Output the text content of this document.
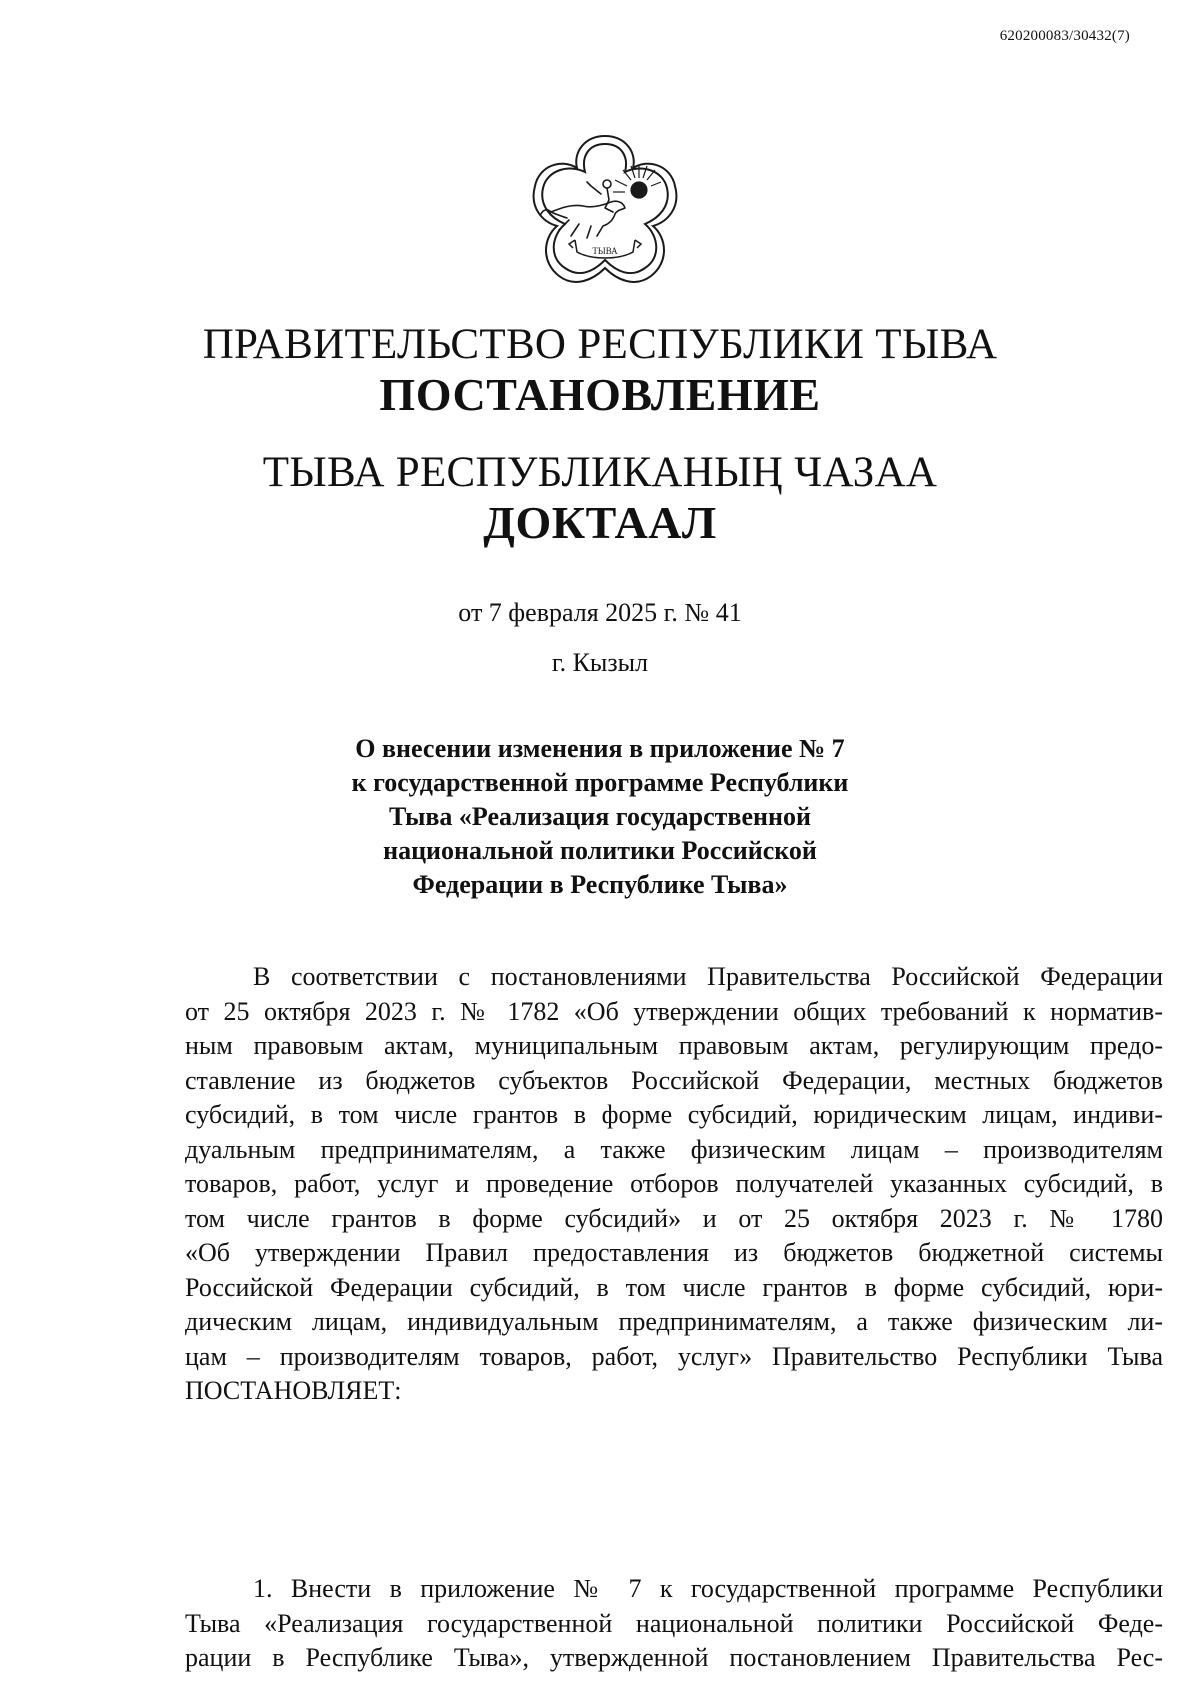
620200083/30432(7)
ТЫВА
ПРАВИТЕЛЬСТВО РЕСПУБЛИКИ ТЫВА
ПОСТАНОВЛЕНИЕ
ТЫВА РЕСПУБЛИКАНЫҢ ЧАЗАА
ДОКТААЛ
от 7 февраля 2025 г. № 41
г. Кызыл
О внесении изменения в приложение № 7
к государственной программе Республики
Тыва «Реализация государственной
национальной политики Российской
Федерации в Республике Тыва»
В соответствии с постановлениями Правительства Российской Федерации
от 25 октября 2023 г. № 1782 «Об утверждении общих требований к норматив-
ным правовым актам, муниципальным правовым актам, регулирующим предо-
ставление из бюджетов субъектов Российской Федерации, местных бюджетов
субсидий, в том числе грантов в форме субсидий, юридическим лицам, индиви-
дуальным предпринимателям, а также физическим лицам – производителям
товаров, работ, услуг и проведение отборов получателей указанных субсидий, в
том числе грантов в форме субсидий» и от 25 октября 2023 г. № 1780
«Об утверждении Правил предоставления из бюджетов бюджетной системы
Российской Федерации субсидий, в том числе грантов в форме субсидий, юри-
дическим лицам, индивидуальным предпринимателям, а также физическим ли-
цам – производителям товаров, работ, услуг» Правительство Республики Тыва
ПОСТАНОВЛЯЕТ:
1. Внести в приложение № 7 к государственной программе Республики
Тыва «Реализация государственной национальной политики Российской Феде-
рации в Республике Тыва», утвержденной постановлением Правительства Рес-
